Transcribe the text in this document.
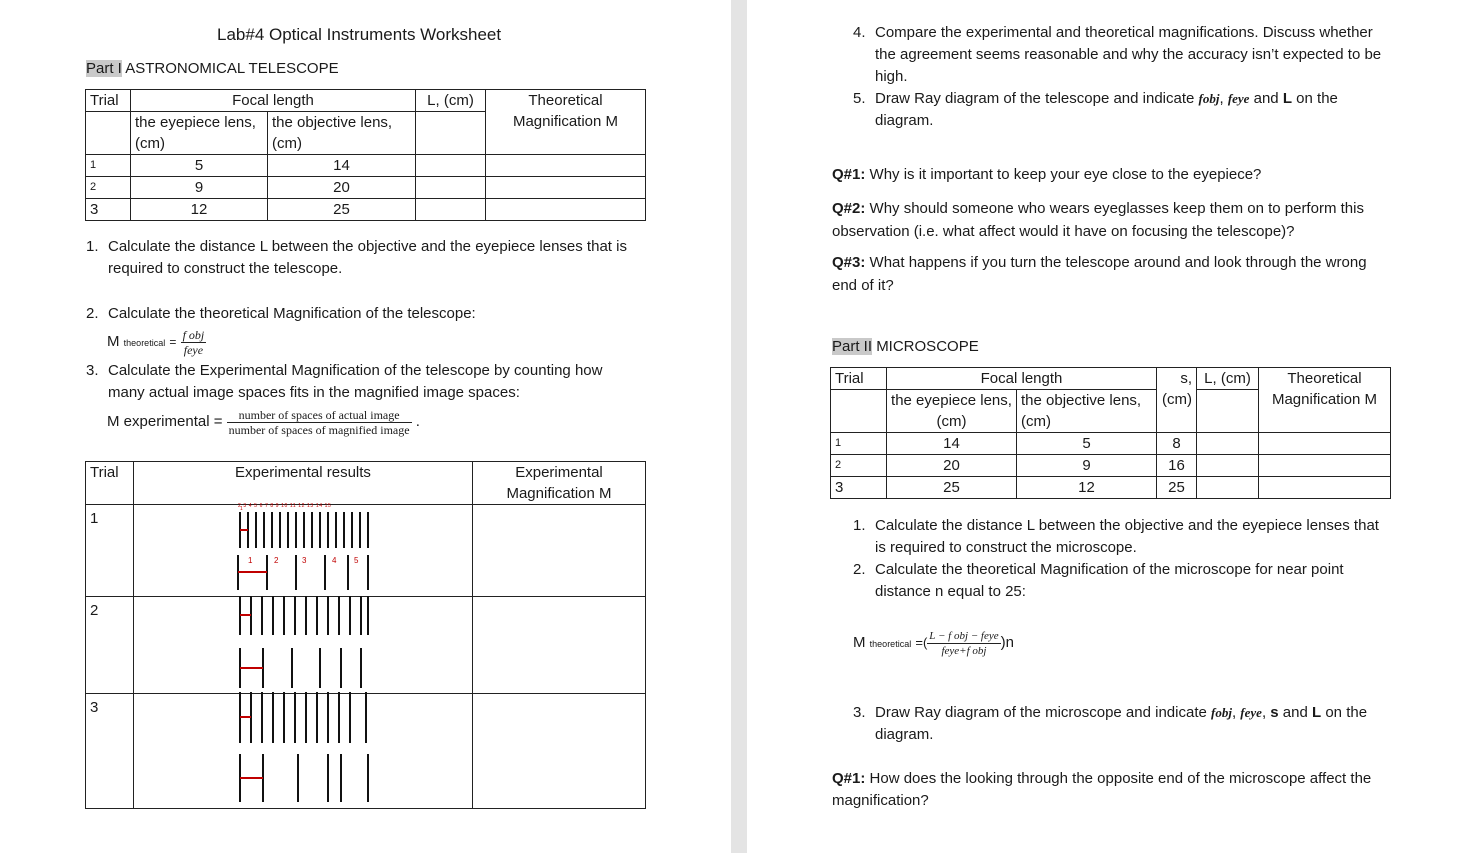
Lab#4 Optical Instruments Worksheet
Part I ASTRONOMICAL TELESCOPE
Trial	Focal length		L, (cm)	Theoretical Magnification M
	the eyepiece lens, (cm)	the objective lens, (cm)		
1	5	14		
2	9	20		
3	12	25		
1. Calculate the distance L between the objective and the eyepiece lenses that is
required to construct the telescope.
2. Calculate the theoretical Magnification of the telescope:
M theoretical = $\frac{\text{f obj}}{\text{feye}}$
3. Calculate the Experimental Magnification of the telescope by counting how
many actual image spaces fits in the magnified image spaces:
M experimental = $\frac{\text{number of spaces of actual image}}{\text{number of spaces of magnified image}}$ .
Trial	Experimental results	Experimental Magnification M
1		
2		
3		
1
1	2	3	4 5
2 3 4 5 6 7 8 9 10 11 12 13 14 15
4. Compare the experimental and theoretical magnifications. Discuss whether
the agreement seems reasonable and why the accuracy isn’t expected to be
high.
5. Draw Ray diagram of the telescope and indicate fobj, feye and L on the
diagram.
Q#1: Why is it important to keep your eye close to the eyepiece?
Q#2: Why should someone who wears eyeglasses keep them on to perform this
observation (i.e. what affect would it have on focusing the telescope)?
Q#3: What happens if you turn the telescope around and look through the wrong
end of it?
Part II MICROSCOPE
Trial	Focal length		s, (cm)	L, (cm)	Theoretical Magnification M
	the eyepiece lens, (cm)	the objective lens, (cm)			
1	14	5	8		
2	20	9	16		
3	25	12	25		
1. Calculate the distance L between the objective and the eyepiece lenses that
is required to construct the microscope.
2. Calculate the theoretical Magnification of the microscope for near point
distance n equal to 25:
M theoretical =( $\frac{\text{L − f obj − feye}}{\text{feye+f obj}} )n$
3. Draw Ray diagram of the microscope and indicate fobj, feye, s and L on the
diagram.
Q#1: How does the looking through the opposite end of the microscope affect the
magnification?
